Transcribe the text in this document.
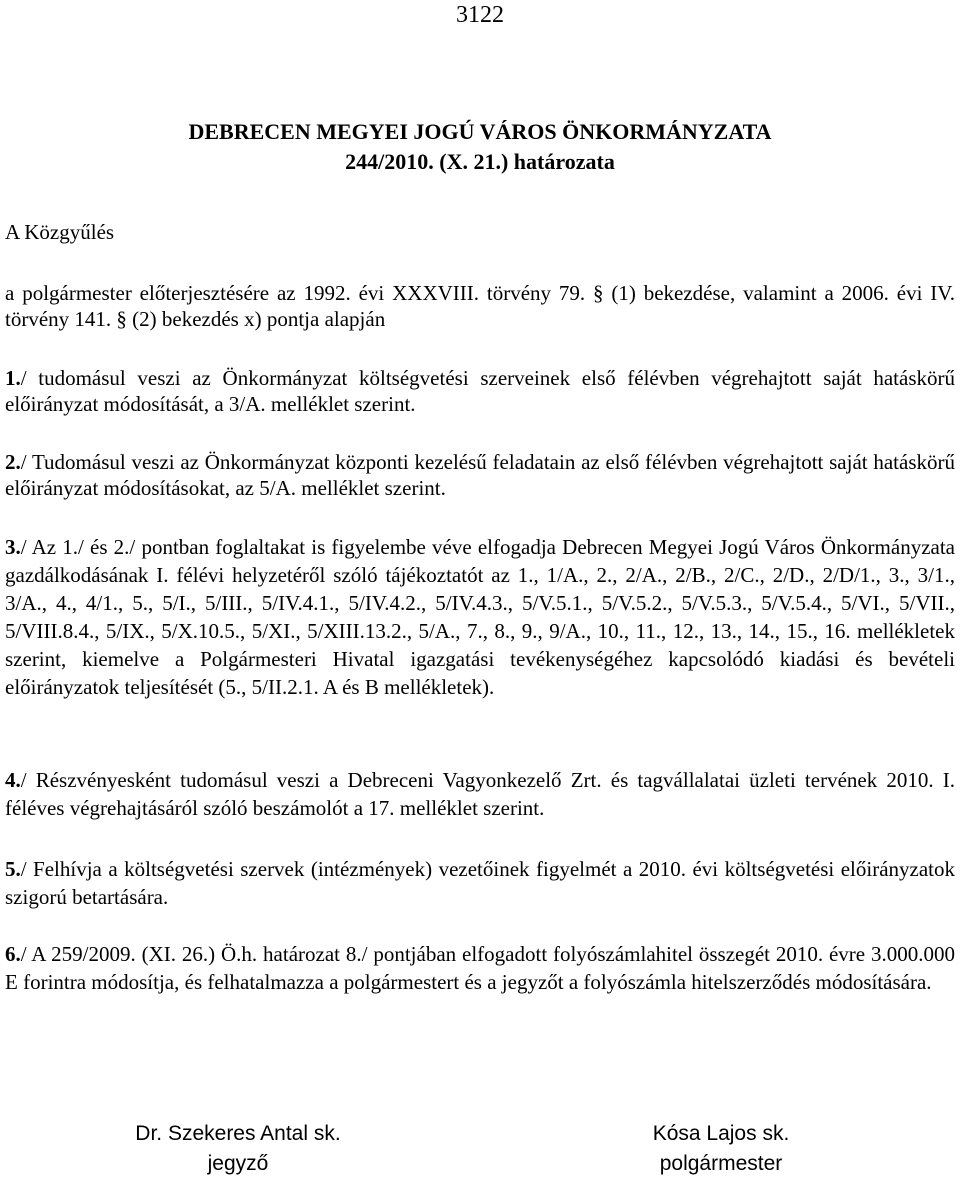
3122
DEBRECEN MEGYEI JOGÚ VÁROS ÖNKORMÁNYZATA
244/2010. (X. 21.) határozata

A Közgyűlés

a polgármester előterjesztésére az 1992. évi XXXVIII. törvény 79. § (1) bekezdése, valamint a 2006. évi IV. törvény 141. § (2) bekezdés x) pontja alapján

1./ tudomásul veszi az Önkormányzat költségvetési szerveinek első félévben végrehajtott saját hatáskörű előirányzat módosítását, a 3/A. melléklet szerint.

2./ Tudomásul veszi az Önkormányzat központi kezelésű feladatain az első félévben végrehajtott saját hatáskörű előirányzat módosításokat, az 5/A. melléklet szerint.

3./ Az 1./ és 2./ pontban foglaltakat is figyelembe véve elfogadja Debrecen Megyei Jogú Város Önkormányzata gazdálkodásának I. félévi helyzetéről szóló tájékoztatót az 1., 1/A., 2., 2/A., 2/B., 2/C., 2/D., 2/D/1., 3., 3/1., 3/A., 4., 4/1., 5., 5/I., 5/III., 5/IV.4.1., 5/IV.4.2., 5/IV.4.3., 5/V.5.1., 5/V.5.2., 5/V.5.3., 5/V.5.4., 5/VI., 5/VII., 5/VIII.8.4., 5/IX., 5/X.10.5., 5/XI., 5/XIII.13.2., 5/A., 7., 8., 9., 9/A., 10., 11., 12., 13., 14., 15., 16. mellékletek szerint, kiemelve a Polgármesteri Hivatal igazgatási tevékenységéhez kapcsolódó kiadási és bevételi előirányzatok teljesítését (5., 5/II.2.1. A és B mellékletek).

4./ Részvényesként tudomásul veszi a Debreceni Vagyonkezelő Zrt. és tagvállalatai üzleti tervének 2010. I. féléves végrehajtásáról szóló beszámolót a 17. melléklet szerint.

5./ Felhívja a költségvetési szervek (intézmények) vezetőinek figyelmét a 2010. évi költségvetési előirányzatok szigorú betartására.

6./ A 259/2009. (XI. 26.) Ö.h. határozat 8./ pontjában elfogadott folyószámlahitel összegét 2010. évre 3.000.000 E forintra módosítja, és felhatalmazza a polgármestert és a jegyzőt a folyószámla hitelszerződés módosítására.

Dr. Szekeres Antal sk.
jegyző
Kósa Lajos sk.
polgármester
